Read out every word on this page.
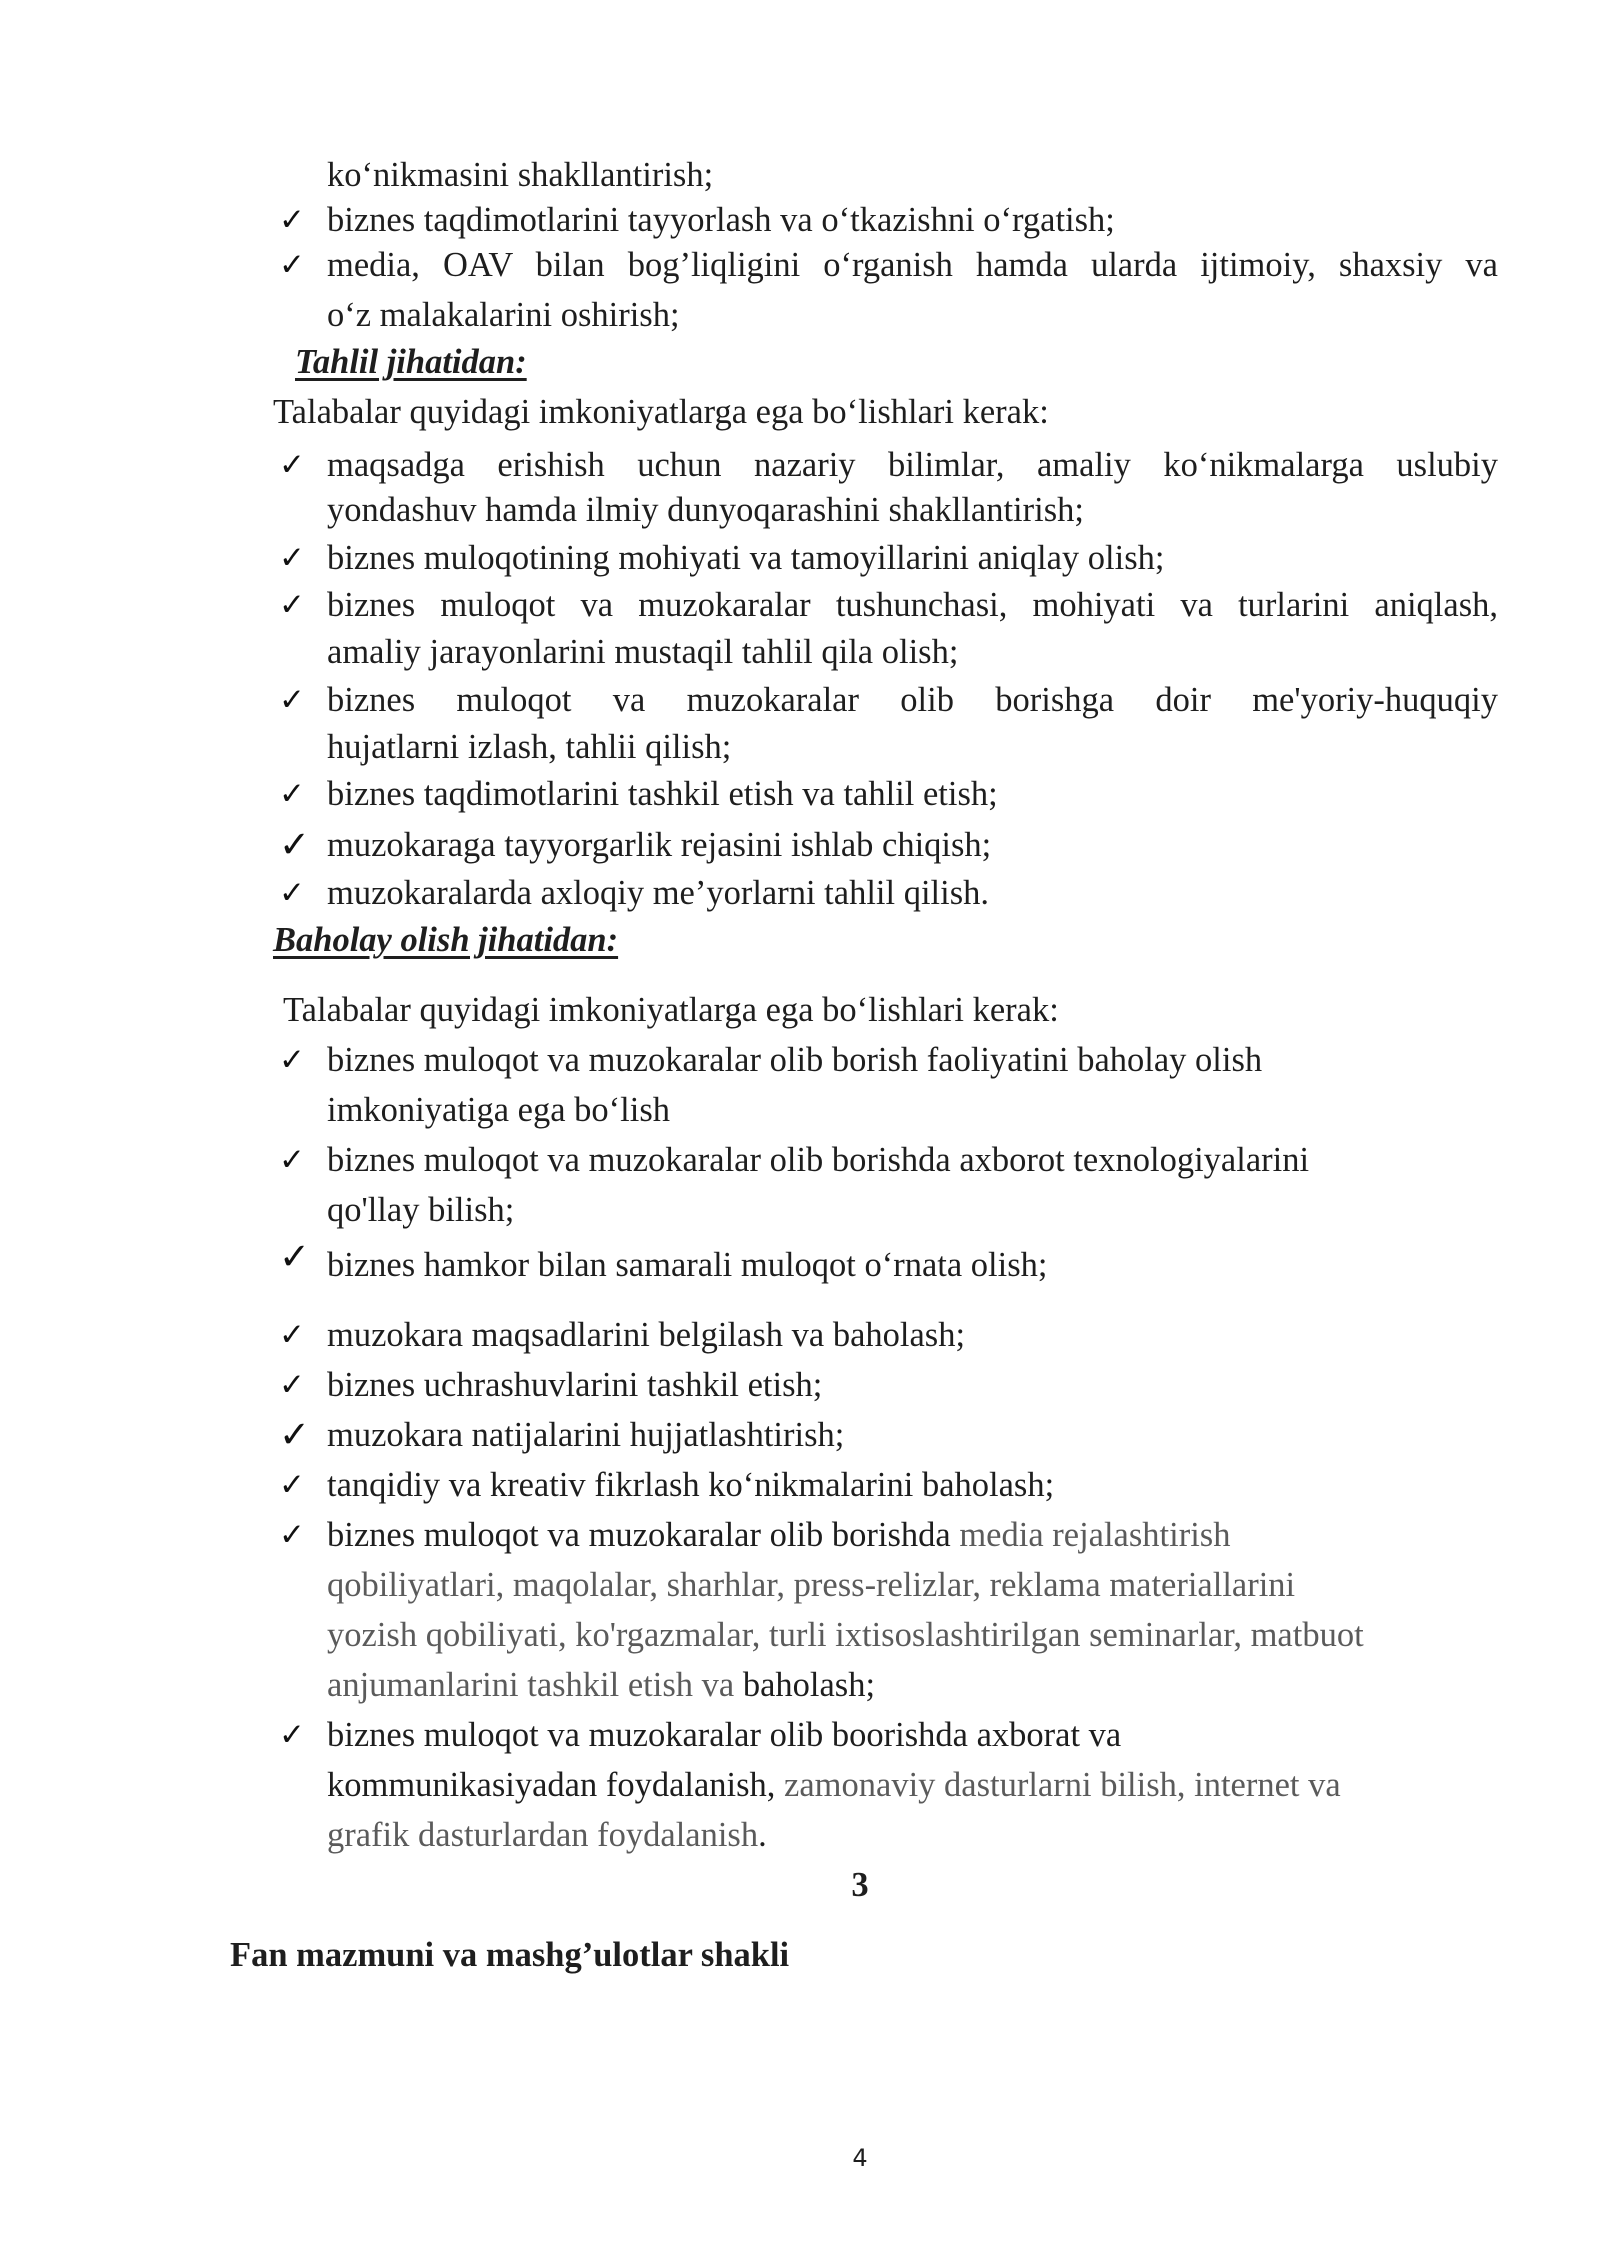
koʻnikmasini shakllantirish;
✓ biznes taqdimotlarini tayyorlash va oʻtkazishni oʻrgatish;
✓ media, OAV bilan bog’liqligini oʻrganish hamda ularda ijtimoiy, shaxsiy va
oʻz malakalarini oshirish;
Tahlil jihatidan:
Talabalar quyidagi imkoniyatlarga ega boʻlishlari kerak:
✓ maqsadga erishish uchun nazariy bilimlar, amaliy koʻnikmalarga uslubiy
yondashuv hamda ilmiy dunyoqarashini shakllantirish;
✓ biznes muloqotining mohiyati va tamoyillarini aniqlay olish;
✓ biznes muloqot va muzokaralar tushunchasi, mohiyati va turlarini aniqlash,
amaliy jarayonlarini mustaqil tahlil qila olish;
✓ biznes muloqot va muzokaralar olib borishga doir me'yoriy-huquqiy
hujatlarni izlash, tahlii qilish;
✓ biznes taqdimotlarini tashkil etish va tahlil etish;
✓ muzokaraga tayyorgarlik rejasini ishlab chiqish;
✓ muzokaralarda axloqiy me’yorlarni tahlil qilish.
Baholay olish jihatidan:
Talabalar quyidagi imkoniyatlarga ega boʻlishlari kerak:
✓ biznes muloqot va muzokaralar olib borish faoliyatini baholay olish
imkoniyatiga ega boʻlish
✓ biznes muloqot va muzokaralar olib borishda axborot texnologiyalarini
qo'llay bilish;
✓ biznes hamkor bilan samarali muloqot oʻrnata olish;
✓ muzokara maqsadlarini belgilash va baholash;
✓ biznes uchrashuvlarini tashkil etish;
✓ muzokara natijalarini hujjatlashtirish;
✓ tanqidiy va kreativ fikrlash koʻnikmalarini baholash;
✓ biznes muloqot va muzokaralar olib borishda media rejalashtirish
qobiliyatlari, maqolalar, sharhlar, press-relizlar, reklama materiallarini
yozish qobiliyati, ko'rgazmalar, turli ixtisoslashtirilgan seminarlar, matbuot
anjumanlarini tashkil etish va baholash;
✓ biznes muloqot va muzokaralar olib boorishda axborat va
kommunikasiyadan foydalanish, zamonaviy dasturlarni bilish, internet va
grafik dasturlardan foydalanish.
3
Fan mazmuni va mashg’ulotlar shakli
4
